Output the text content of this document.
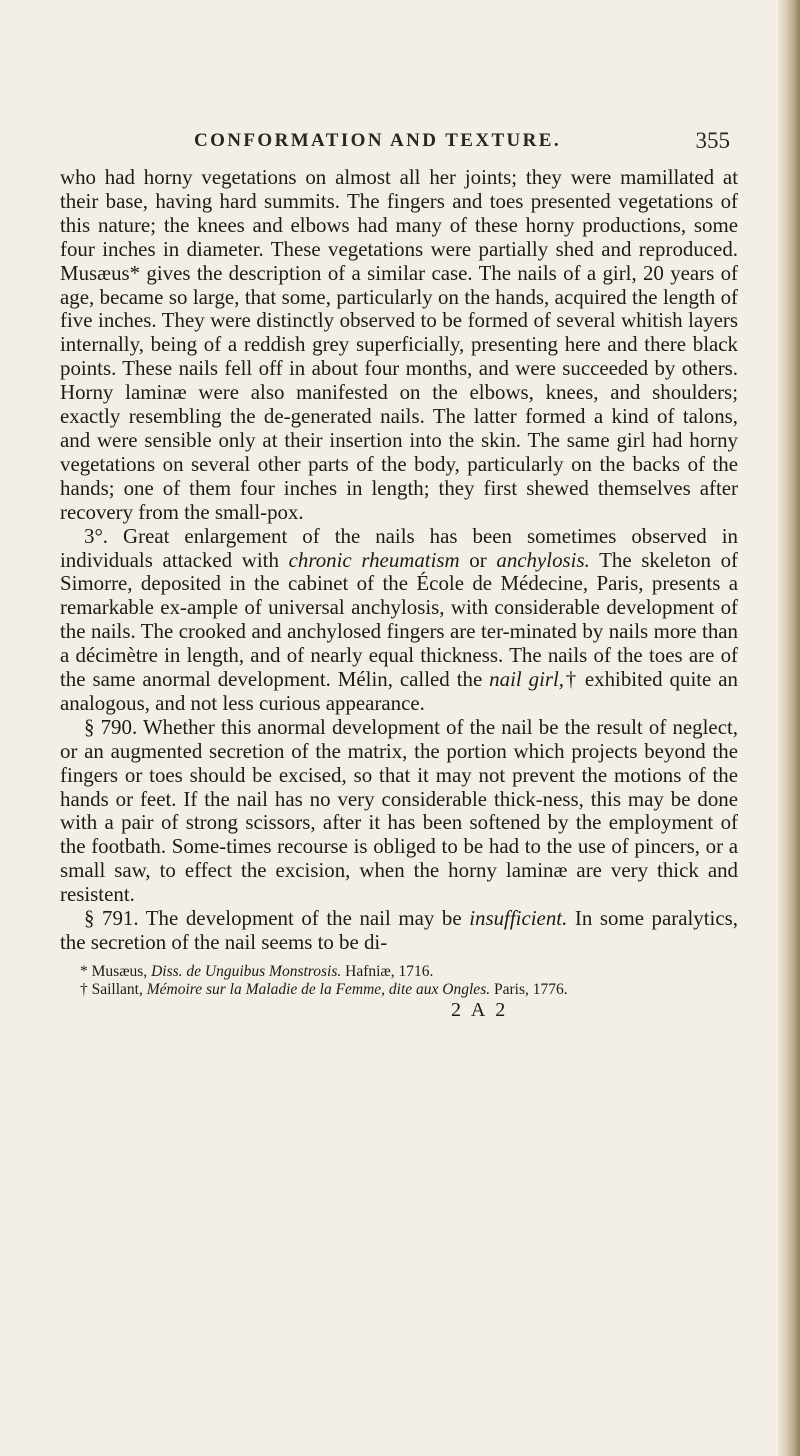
CONFORMATION AND TEXTURE.	355

who had horny vegetations on almost all her joints; they were mamillated at their base, having hard summits. The fingers and toes presented vegetations of this nature; the knees and elbows had many of these horny productions, some four inches in diameter. These vegetations were partially shed and reproduced. Musæus* gives the description of a similar case. The nails of a girl, 20 years of age, became so large, that some, particularly on the hands, acquired the length of five inches. They were distinctly observed to be formed of several whitish layers internally, being of a reddish grey superficially, presenting here and there black points. These nails fell off in about four months, and were succeeded by others. Horny laminæ were also manifested on the elbows, knees, and shoulders; exactly resembling the de-generated nails. The latter formed a kind of talons, and were sensible only at their insertion into the skin. The same girl had horny vegetations on several other parts of the body, particularly on the backs of the hands; one of them four inches in length; they first shewed themselves after recovery from the small-pox.

3°. Great enlargement of the nails has been sometimes observed in individuals attacked with chronic rheumatism or anchylosis. The skeleton of Simorre, deposited in the cabinet of the École de Médecine, Paris, presents a remarkable ex-ample of universal anchylosis, with considerable development of the nails. The crooked and anchylosed fingers are ter-minated by nails more than a décimètre in length, and of nearly equal thickness. The nails of the toes are of the same anormal development. Mélin, called the nail girl,† exhibited quite an analogous, and not less curious appearance.

§ 790. Whether this anormal development of the nail be the result of neglect, or an augmented secretion of the matrix, the portion which projects beyond the fingers or toes should be excised, so that it may not prevent the motions of the hands or feet. If the nail has no very considerable thick-ness, this may be done with a pair of strong scissors, after it has been softened by the employment of the footbath. Some-times recourse is obliged to be had to the use of pincers, or a small saw, to effect the excision, when the horny laminæ are very thick and resistent.

§ 791. The development of the nail may be insufficient. In some paralytics, the secretion of the nail seems to be di-

* Musæus, Diss. de Unguibus Monstrosis. Hafniæ, 1716.

† Saillant, Mémoire sur la Maladie de la Femme, dite aux Ongles. Paris, 1776.

2 A 2
